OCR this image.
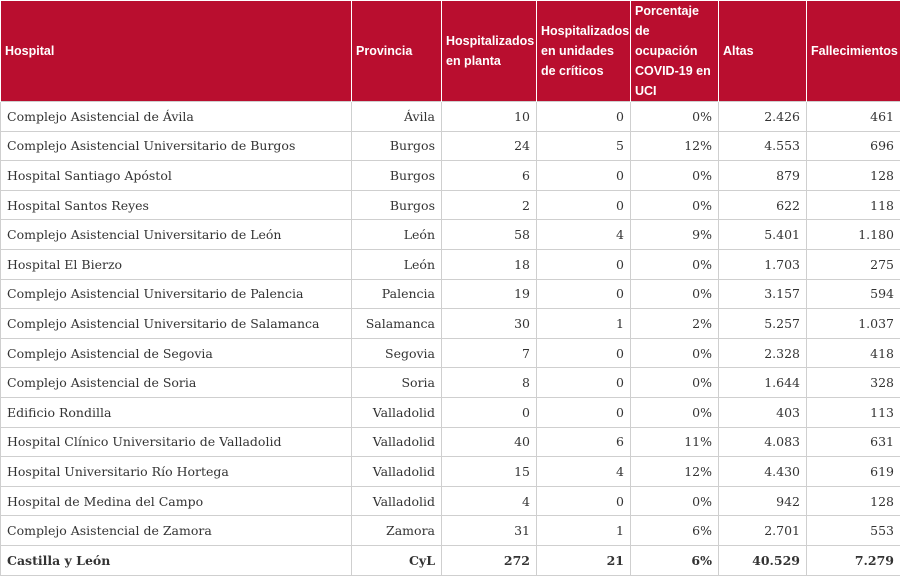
Hospital	Provincia	Hospitalizados en planta	Hospitalizados en unidades de críticos	Porcentaje de ocupación COVID-19 en UCI	Altas	Fallecimientos
Complejo Asistencial de Ávila	Ávila	10	0	0%	2.426	461
Complejo Asistencial Universitario de Burgos	Burgos	24	5	12%	4.553	696
Hospital Santiago Apóstol	Burgos	6	0	0%	879	128
Hospital Santos Reyes	Burgos	2	0	0%	622	118
Complejo Asistencial Universitario de León	León	58	4	9%	5.401	1.180
Hospital El Bierzo	León	18	0	0%	1.703	275
Complejo Asistencial Universitario de Palencia	Palencia	19	0	0%	3.157	594
Complejo Asistencial Universitario de Salamanca	Salamanca	30	1	2%	5.257	1.037
Complejo Asistencial de Segovia	Segovia	7	0	0%	2.328	418
Complejo Asistencial de Soria	Soria	8	0	0%	1.644	328
Edificio Rondilla	Valladolid	0	0	0%	403	113
Hospital Clínico Universitario de Valladolid	Valladolid	40	6	11%	4.083	631
Hospital Universitario Río Hortega	Valladolid	15	4	12%	4.430	619
Hospital de Medina del Campo	Valladolid	4	0	0%	942	128
Complejo Asistencial de Zamora	Zamora	31	1	6%	2.701	553
Castilla y León	CyL	272	21	6%	40.529	7.279
